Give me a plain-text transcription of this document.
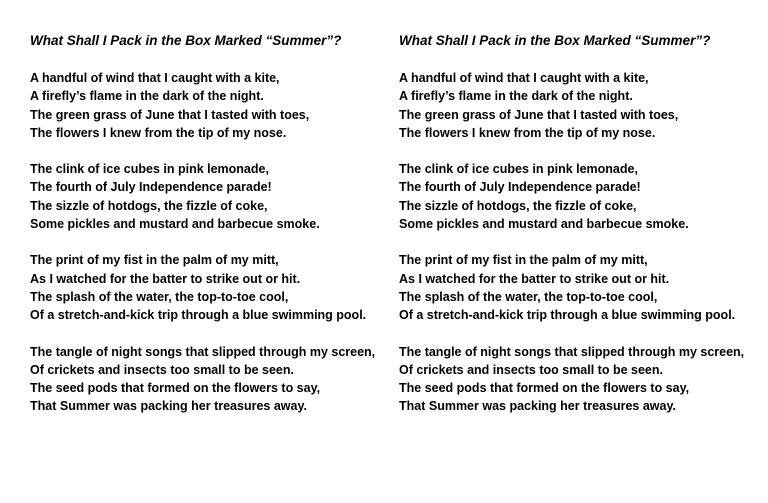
What Shall I Pack in the Box Marked “Summer”?

A handful of wind that I caught with a kite,
A firefly’s flame in the dark of the night.
The green grass of June that I tasted with toes,
The flowers I knew from the tip of my nose.
The clink of ice cubes in pink lemonade,
The fourth of July Independence parade!
The sizzle of hotdogs, the fizzle of coke,
Some pickles and mustard and barbecue smoke.
The print of my fist in the palm of my mitt,
As I watched for the batter to strike out or hit.
The splash of the water, the top-to-toe cool,
Of a stretch-and-kick trip through a blue swimming pool.
The tangle of night songs that slipped through my screen,
Of crickets and insects too small to be seen.
The seed pods that formed on the flowers to say,
That Summer was packing her treasures away.

What Shall I Pack in the Box Marked “Summer”?

A handful of wind that I caught with a kite,
A firefly’s flame in the dark of the night.
The green grass of June that I tasted with toes,
The flowers I knew from the tip of my nose.
The clink of ice cubes in pink lemonade,
The fourth of July Independence parade!
The sizzle of hotdogs, the fizzle of coke,
Some pickles and mustard and barbecue smoke.
The print of my fist in the palm of my mitt,
As I watched for the batter to strike out or hit.
The splash of the water, the top-to-toe cool,
Of a stretch-and-kick trip through a blue swimming pool.
The tangle of night songs that slipped through my screen,
Of crickets and insects too small to be seen.
The seed pods that formed on the flowers to say,
That Summer was packing her treasures away.
